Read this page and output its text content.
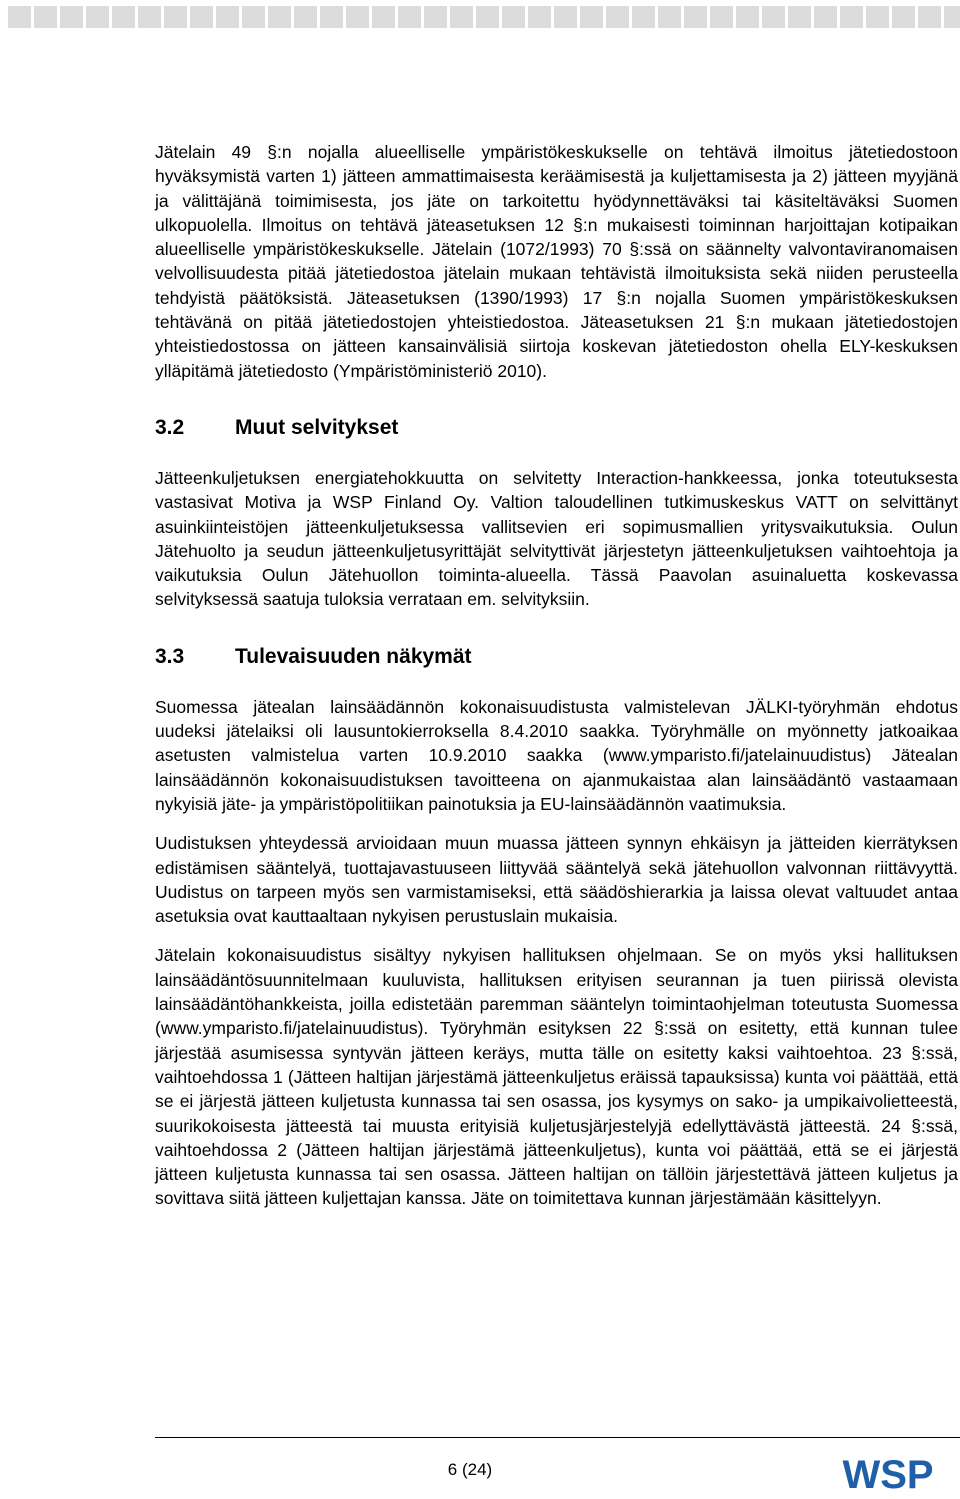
Jätelain 49 §:n nojalla alueelliselle ympäristökeskukselle on tehtävä ilmoitus jätetiedostoon hyväksymistä varten 1) jätteen ammattimaisesta keräämisestä ja kuljettamisesta ja 2) jätteen myyjänä ja välittäjänä toimimisesta, jos jäte on tarkoitettu hyödynnettäväksi tai käsiteltäväksi Suomen ulkopuolella. Ilmoitus on tehtävä jäteasetuksen 12 §:n mukaisesti toiminnan harjoittajan kotipaikan alueelliselle ympäristökeskukselle. Jätelain (1072/1993) 70 §:ssä on säännelty valvontaviranomaisen velvollisuudesta pitää jätetiedostoa jätelain mukaan tehtävistä ilmoituksista sekä niiden perusteella tehdyistä päätöksistä. Jäteasetuksen (1390/1993) 17 §:n nojalla Suomen ympäristökeskuksen tehtävänä on pitää jätetiedostojen yhteistiedostoa. Jäteasetuksen 21 §:n mukaan jätetiedostojen yhteistiedostossa on jätteen kansainvälisiä siirtoja koskevan jätetiedoston ohella ELY-keskuksen ylläpitämä jätetiedosto (Ympäristöministeriö 2010).

3.2	Muut selvitykset

Jätteenkuljetuksen energiatehokkuutta on selvitetty Interaction-hankkeessa, jonka toteutuksesta vastasivat Motiva ja WSP Finland Oy. Valtion taloudellinen tutkimuskeskus VATT on selvittänyt asuinkiinteistöjen jätteenkuljetuksessa vallitsevien eri sopimusmallien yritysvaikutuksia. Oulun Jätehuolto ja seudun jätteenkuljetusyrittäjät selvityttivät järjestetyn jätteenkuljetuksen vaihtoehtoja ja vaikutuksia Oulun Jätehuollon toiminta-alueella. Tässä Paavolan asuinaluetta koskevassa selvityksessä saatuja tuloksia verrataan em. selvityksiin.

3.3	Tulevaisuuden näkymät

Suomessa jätealan lainsäädännön kokonaisuudistusta valmistelevan JÄLKI-työryhmän ehdotus uudeksi jätelaiksi oli lausuntokierroksella 8.4.2010 saakka. Työryhmälle on myönnetty jatkoaikaa asetusten valmistelua varten 10.9.2010 saakka (www.ymparisto.fi/jatelainuudistus) Jätealan lainsäädännön kokonaisuudistuksen tavoitteena on ajanmukaistaa alan lainsäädäntö vastaamaan nykyisiä jäte- ja ympäristöpolitiikan painotuksia ja EU-lainsäädännön vaatimuksia.

Uudistuksen yhteydessä arvioidaan muun muassa jätteen synnyn ehkäisyn ja jätteiden kierrätyksen edistämisen sääntelyä, tuottajavastuuseen liittyvää sääntelyä sekä jätehuollon valvonnan riittävyyttä. Uudistus on tarpeen myös sen varmistamiseksi, että säädöshierarkia ja laissa olevat valtuudet antaa asetuksia ovat kauttaaltaan nykyisen perustuslain mukaisia.

Jätelain kokonaisuudistus sisältyy nykyisen hallituksen ohjelmaan. Se on myös yksi hallituksen lainsäädäntösuunnitelmaan kuuluvista, hallituksen erityisen seurannan ja tuen piirissä olevista lainsäädäntöhankkeista, joilla edistetään paremman sääntelyn toimintaohjelman toteutusta Suomessa (www.ymparisto.fi/jatelainuudistus). Työryhmän esityksen 22 §:ssä on esitetty, että kunnan tulee järjestää asumisessa syntyvän jätteen keräys, mutta tälle on esitetty kaksi vaihtoehtoa. 23 §:ssä, vaihtoehdossa 1 (Jätteen haltijan järjestämä jätteenkuljetus eräissä tapauksissa) kunta voi päättää, että se ei järjestä jätteen kuljetusta kunnassa tai sen osassa, jos kysymys on sako- ja umpikaivolietteestä, suurikokoisesta jätteestä tai muusta erityisiä kuljetusjärjestelyjä edellyttävästä jätteestä. 24 §:ssä, vaihtoehdossa 2 (Jätteen haltijan järjestämä jätteenkuljetus), kunta voi päättää, että se ei järjestä jätteen kuljetusta kunnassa tai sen osassa. Jätteen haltijan on tällöin järjestettävä jätteen kuljetus ja sovittava siitä jätteen kuljettajan kanssa. Jäte on toimitettava kunnan järjestämään käsittelyyn.

6 (24)	WSP
